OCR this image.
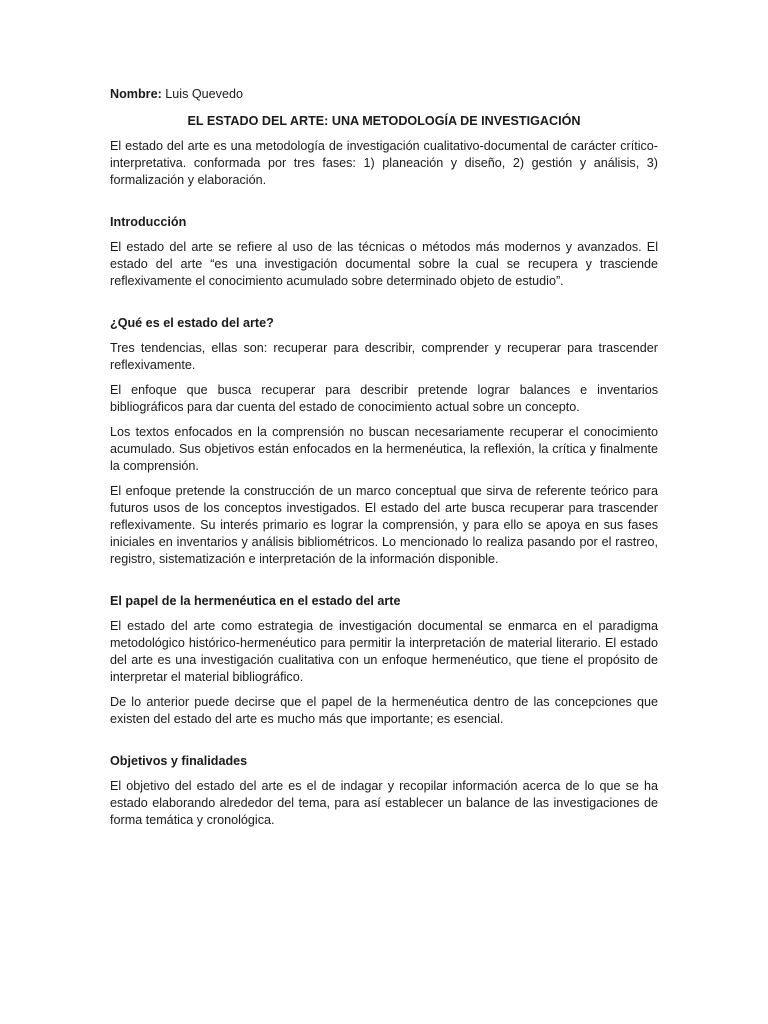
Nombre: Luis Quevedo
EL ESTADO DEL ARTE: UNA METODOLOGÍA DE INVESTIGACIÓN

El estado del arte es una metodología de investigación cualitativo-documental de carácter crítico-interpretativa. conformada por tres fases: 1) planeación y diseño, 2) gestión y análisis, 3) formalización y elaboración.

Introducción

El estado del arte se refiere al uso de las técnicas o métodos más modernos y avanzados. El estado del arte “es una investigación documental sobre la cual se recupera y trasciende reflexivamente el conocimiento acumulado sobre determinado objeto de estudio”.

¿Qué es el estado del arte?

Tres tendencias, ellas son: recuperar para describir, comprender y recuperar para trascender reflexivamente.

El enfoque que busca recuperar para describir pretende lograr balances e inventarios bibliográficos para dar cuenta del estado de conocimiento actual sobre un concepto.

Los textos enfocados en la comprensión no buscan necesariamente recuperar el conocimiento acumulado. Sus objetivos están enfocados en la hermenéutica, la reflexión, la crítica y finalmente la comprensión.

El enfoque pretende la construcción de un marco conceptual que sirva de referente teórico para futuros usos de los conceptos investigados. El estado del arte busca recuperar para trascender reflexivamente. Su interés primario es lograr la comprensión, y para ello se apoya en sus fases iniciales en inventarios y análisis bibliométricos. Lo mencionado lo realiza pasando por el rastreo, registro, sistematización e interpretación de la información disponible.

El papel de la hermenéutica en el estado del arte

El estado del arte como estrategia de investigación documental se enmarca en el paradigma metodológico histórico-hermenéutico para permitir la interpretación de material literario. El estado del arte es una investigación cualitativa con un enfoque hermenéutico, que tiene el propósito de interpretar el material bibliográfico.

De lo anterior puede decirse que el papel de la hermenéutica dentro de las concepciones que existen del estado del arte es mucho más que importante; es esencial.

Objetivos y finalidades

El objetivo del estado del arte es el de indagar y recopilar información acerca de lo que se ha estado elaborando alrededor del tema, para así establecer un balance de las investigaciones de forma temática y cronológica.
